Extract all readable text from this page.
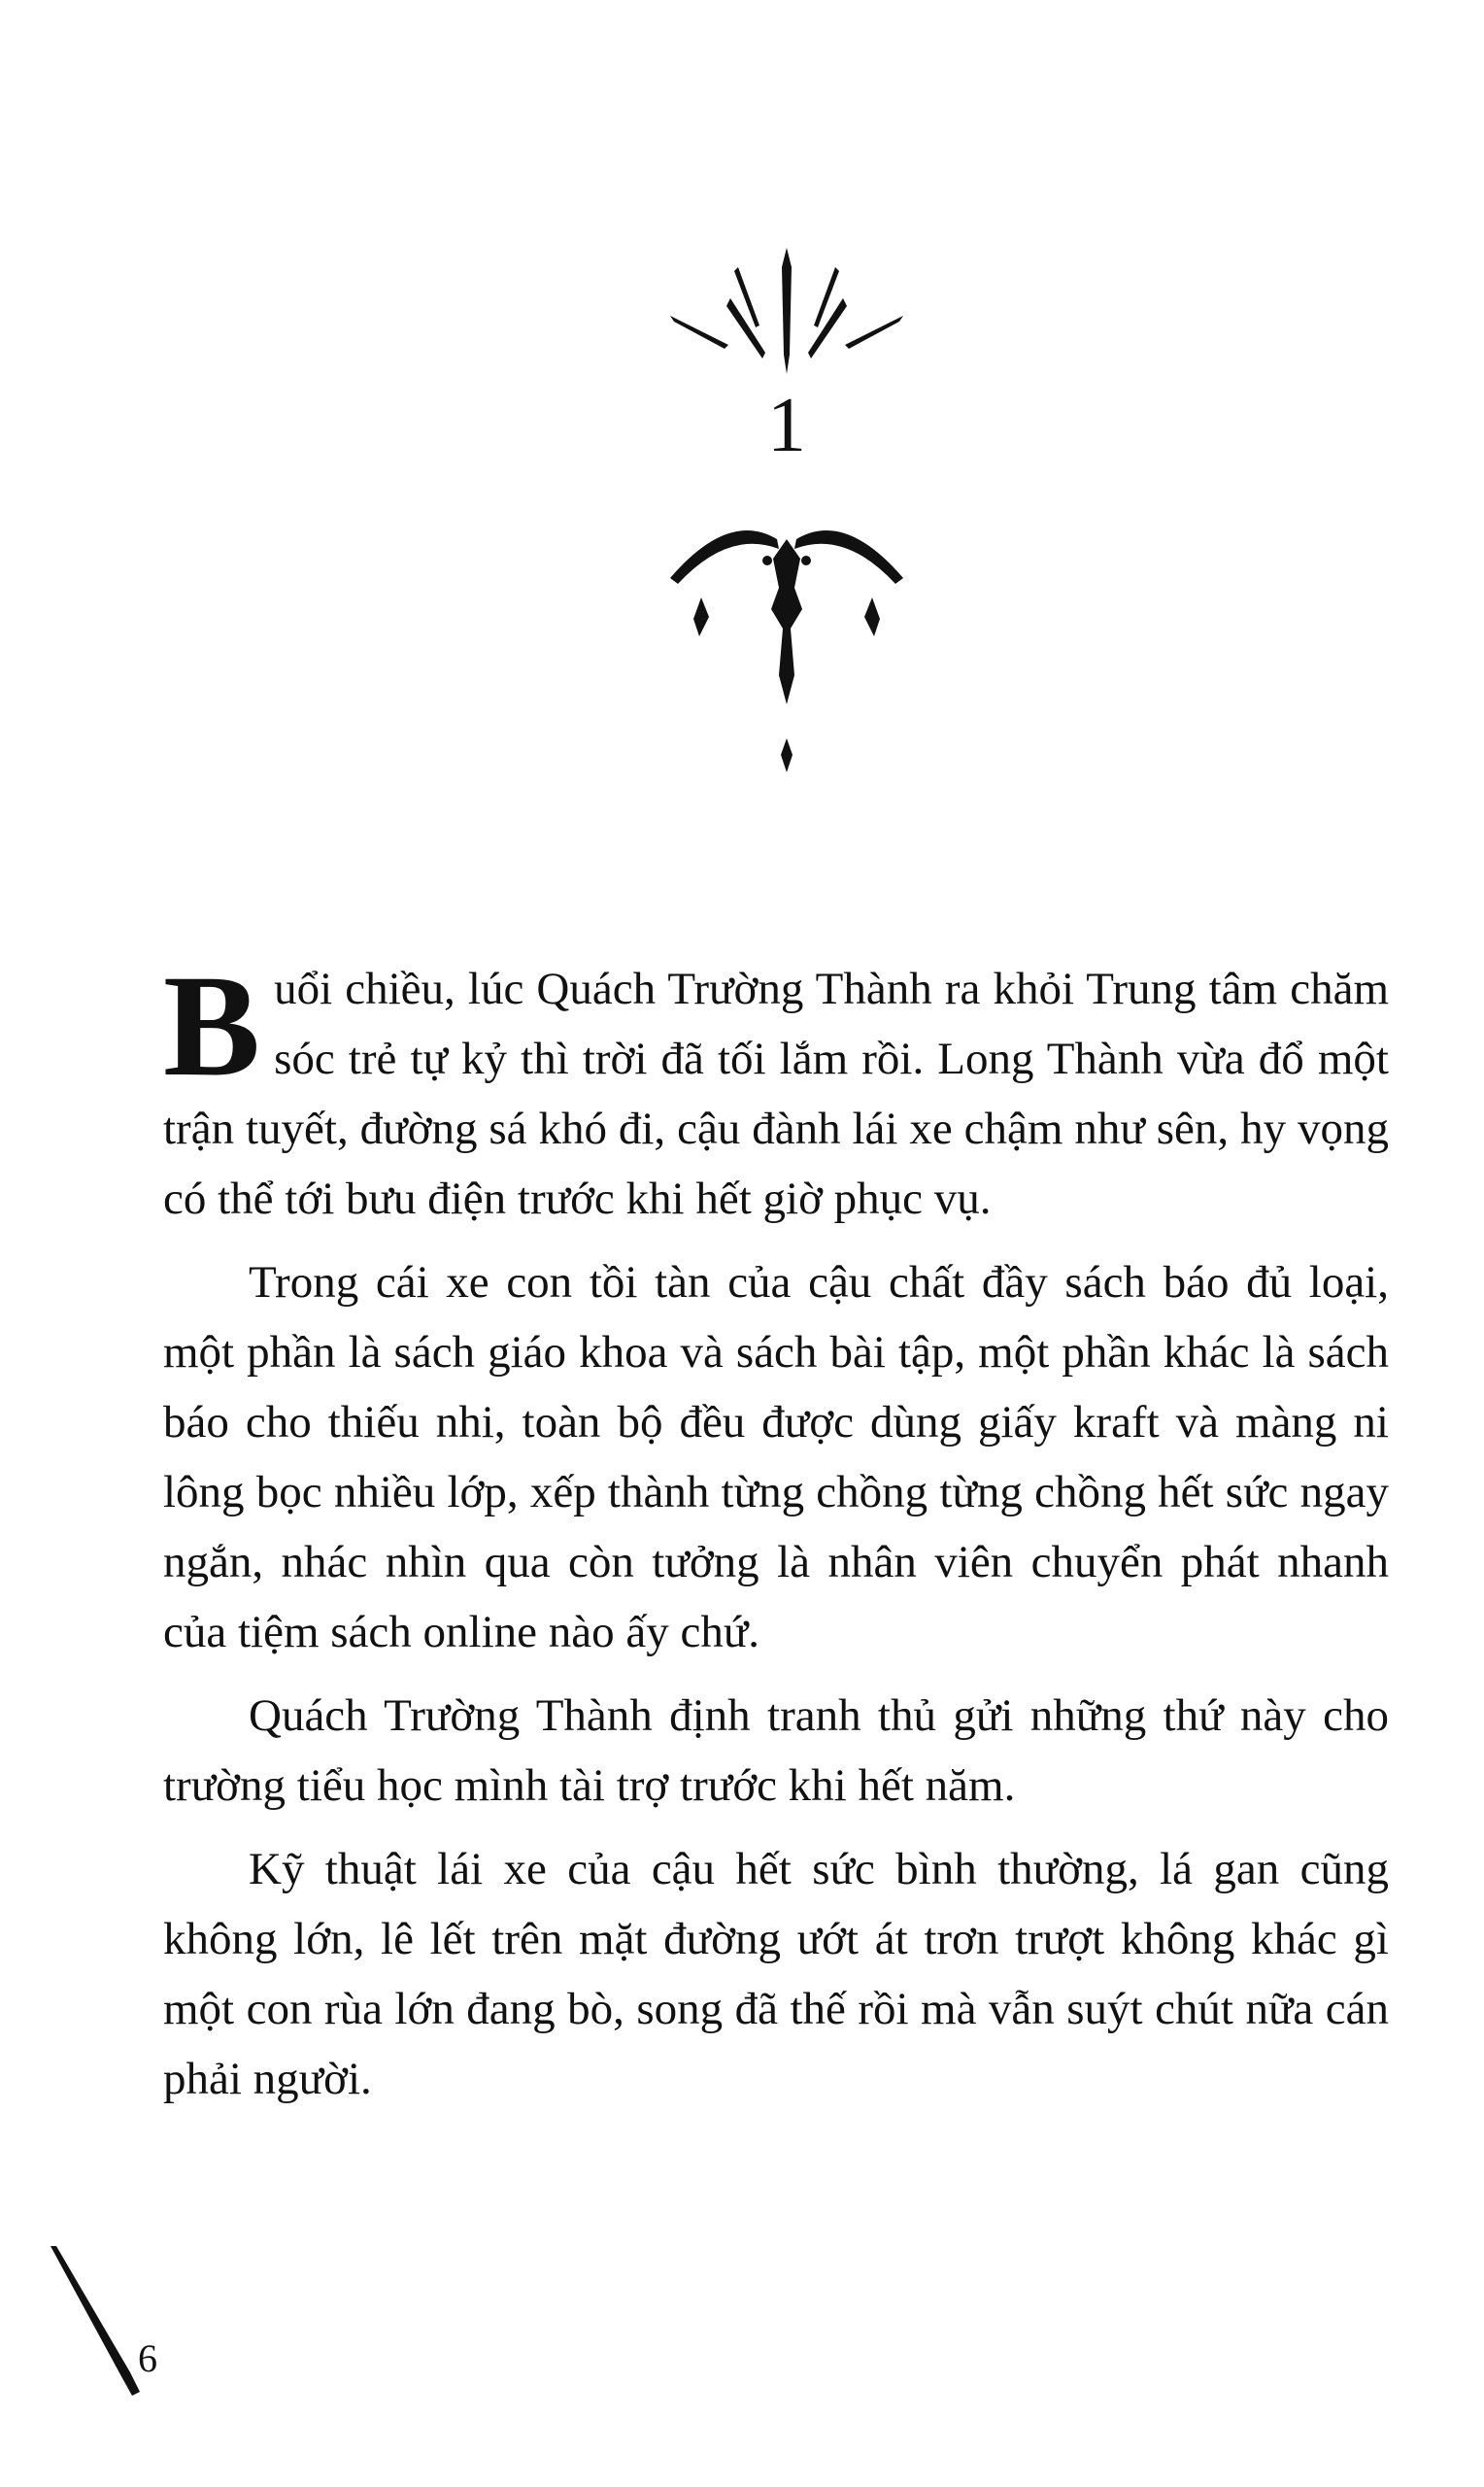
1

Buổi chiều, lúc Quách Trường Thành ra khỏi Trung tâm chăm sóc trẻ tự kỷ thì trời đã tối lắm rồi. Long Thành vừa đổ một trận tuyết, đường sá khó đi, cậu đành lái xe chậm như sên, hy vọng có thể tới bưu điện trước khi hết giờ phục vụ.

Trong cái xe con tồi tàn của cậu chất đầy sách báo đủ loại, một phần là sách giáo khoa và sách bài tập, một phần khác là sách báo cho thiếu nhi, toàn bộ đều được dùng giấy kraft và màng ni lông bọc nhiều lớp, xếp thành từng chồng từng chồng hết sức ngay ngắn, nhác nhìn qua còn tưởng là nhân viên chuyển phát nhanh của tiệm sách online nào ấy chứ.

Quách Trường Thành định tranh thủ gửi những thứ này cho trường tiểu học mình tài trợ trước khi hết năm.

Kỹ thuật lái xe của cậu hết sức bình thường, lá gan cũng không lớn, lê lết trên mặt đường ướt át trơn trượt không khác gì một con rùa lớn đang bò, song đã thế rồi mà vẫn suýt chút nữa cán phải người.

6
